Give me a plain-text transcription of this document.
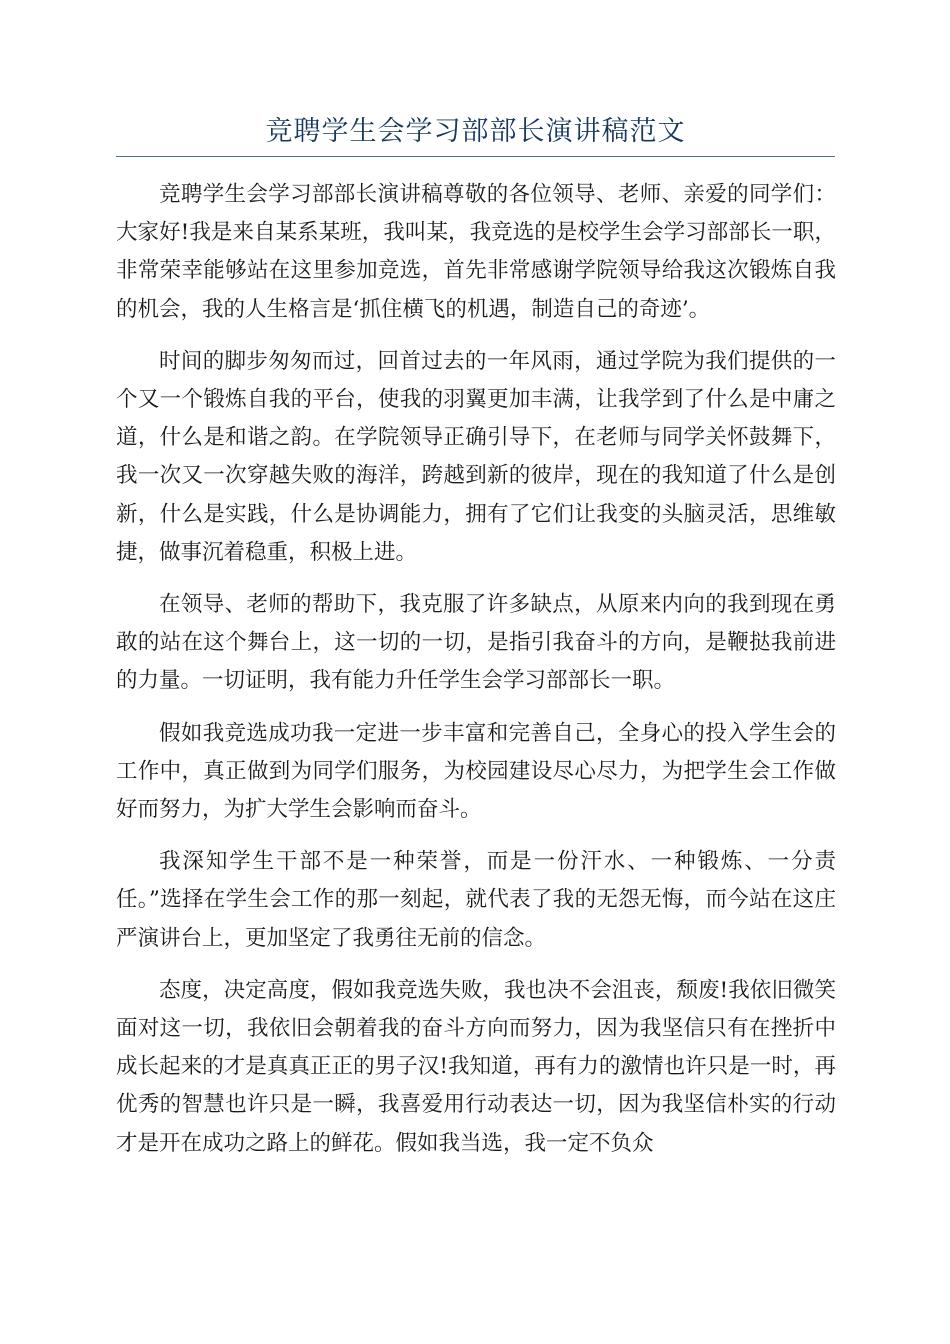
竞聘学生会学习部部长演讲稿范文

竞聘学生会学习部部长演讲稿尊敬的各位领导、老师、亲爱的同学们：大家好!我是来自某系某班，我叫某，我竞选的是校学生会学习部部长一职，非常荣幸能够站在这里参加竞选，首先非常感谢学院领导给我这次锻炼自我的机会，我的人生格言是‘抓住横飞的机遇，制造自己的奇迹’。

时间的脚步匆匆而过，回首过去的一年风雨，通过学院为我们提供的一个又一个锻炼自我的平台，使我的羽翼更加丰满，让我学到了什么是中庸之道，什么是和谐之韵。在学院领导正确引导下，在老师与同学关怀鼓舞下，我一次又一次穿越失败的海洋，跨越到新的彼岸，现在的我知道了什么是创新，什么是实践，什么是协调能力，拥有了它们让我变的头脑灵活，思维敏捷，做事沉着稳重，积极上进。

在领导、老师的帮助下，我克服了许多缺点，从原来内向的我到现在勇敢的站在这个舞台上，这一切的一切，是指引我奋斗的方向，是鞭挞我前进的力量。一切证明，我有能力升任学生会学习部部长一职。

假如我竞选成功我一定进一步丰富和完善自己，全身心的投入学生会的工作中，真正做到为同学们服务，为校园建设尽心尽力，为把学生会工作做好而努力，为扩大学生会影响而奋斗。

我深知学生干部不是一种荣誉，而是一份汗水、一种锻炼、一分责任。”选择在学生会工作的那一刻起，就代表了我的无怨无悔，而今站在这庄严演讲台上，更加坚定了我勇往无前的信念。

态度，决定高度，假如我竞选失败，我也决不会沮丧，颓废!我依旧微笑面对这一切，我依旧会朝着我的奋斗方向而努力，因为我坚信只有在挫折中成长起来的才是真真正正的男子汉!我知道，再有力的激情也许只是一时，再优秀的智慧也许只是一瞬，我喜爱用行动表达一切，因为我坚信朴实的行动才是开在成功之路上的鲜花。假如我当选，我一定不负众
